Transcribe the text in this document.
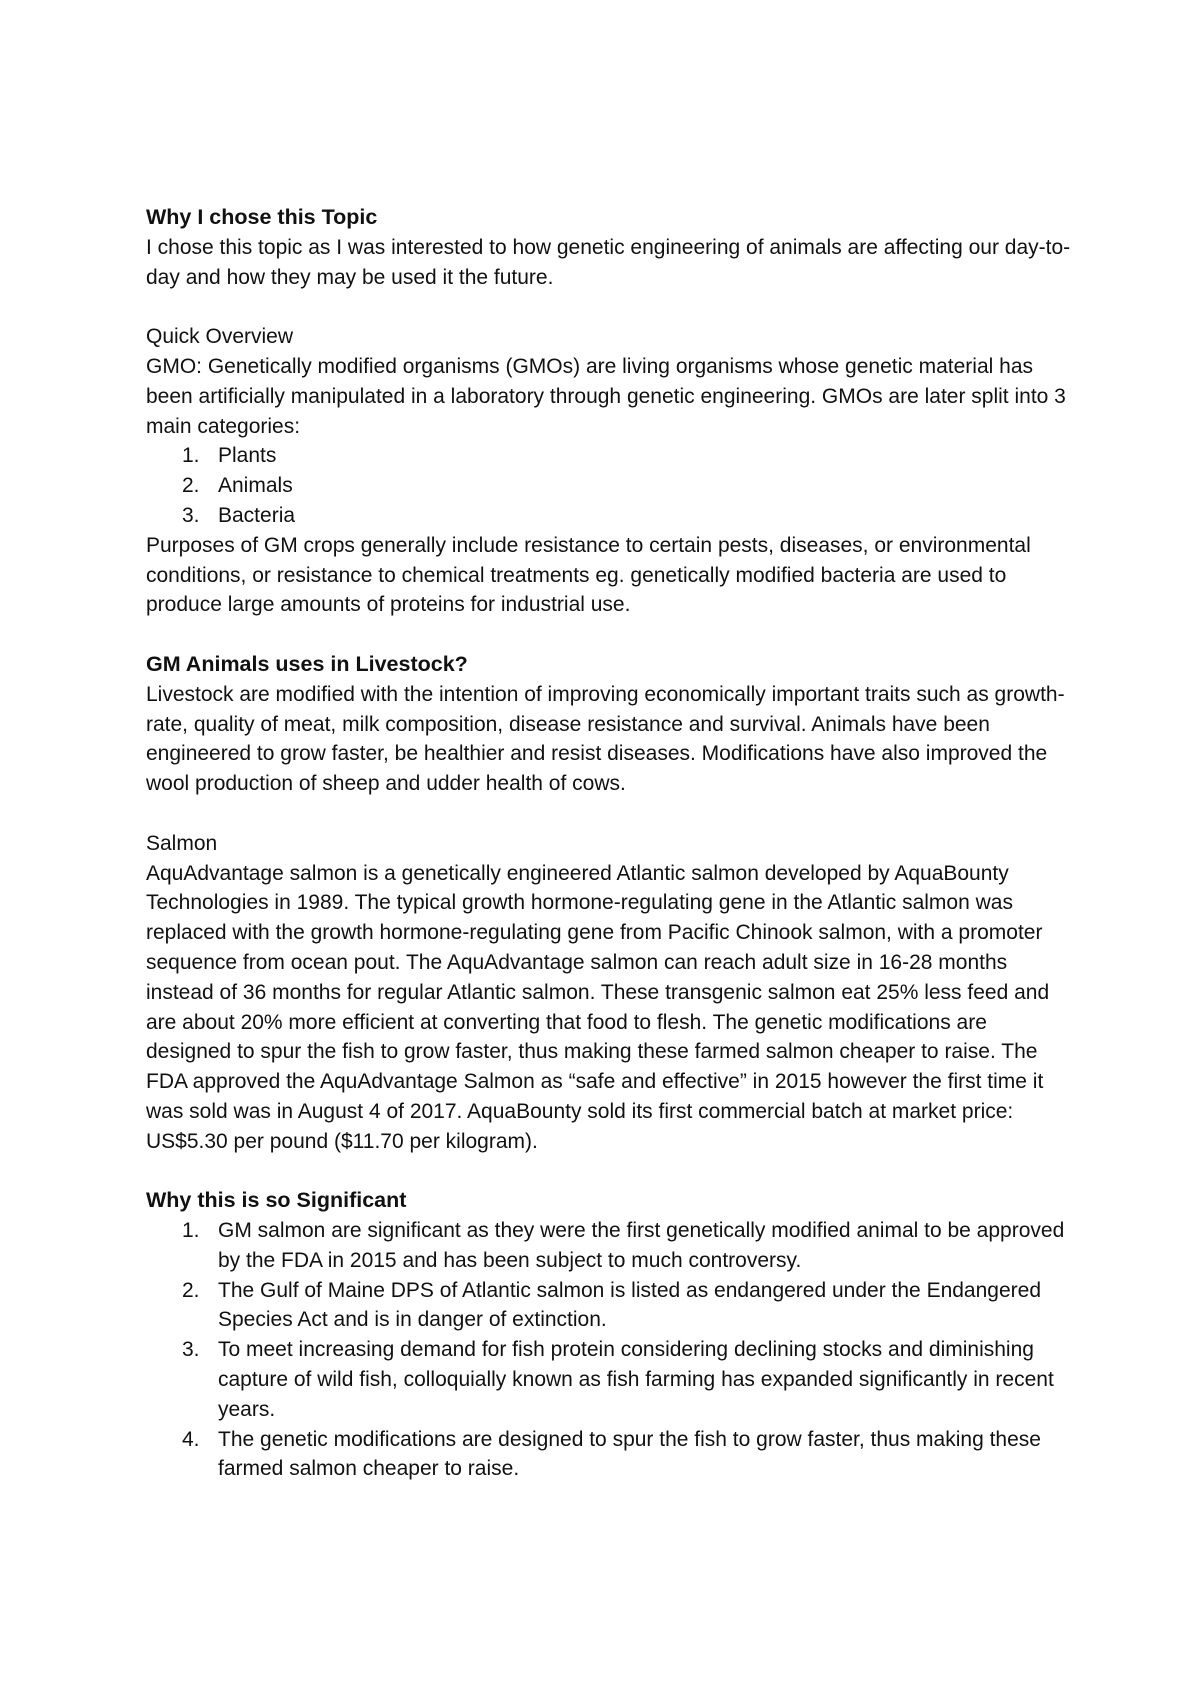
Why I chose this Topic

I chose this topic as I was interested to how genetic engineering of animals are affecting our day-to-day and how they may be used it the future.

Quick Overview

GMO: Genetically modified organisms (GMOs) are living organisms whose genetic material has been artificially manipulated in a laboratory through genetic engineering. GMOs are later split into 3 main categories:

1. Plants
2. Animals
3. Bacteria

Purposes of GM crops generally include resistance to certain pests, diseases, or environmental conditions, or resistance to chemical treatments eg. genetically modified bacteria are used to produce large amounts of proteins for industrial use.

GM Animals uses in Livestock?

Livestock are modified with the intention of improving economically important traits such as growth-rate, quality of meat, milk composition, disease resistance and survival. Animals have been engineered to grow faster, be healthier and resist diseases. Modifications have also improved the wool production of sheep and udder health of cows.

Salmon

AquAdvantage salmon is a genetically engineered Atlantic salmon developed by AquaBounty Technologies in 1989. The typical growth hormone-regulating gene in the Atlantic salmon was replaced with the growth hormone-regulating gene from Pacific Chinook salmon, with a promoter sequence from ocean pout. The AquAdvantage salmon can reach adult size in 16-28 months instead of 36 months for regular Atlantic salmon. These transgenic salmon eat 25% less feed and are about 20% more efficient at converting that food to flesh. The genetic modifications are designed to spur the fish to grow faster, thus making these farmed salmon cheaper to raise. The FDA approved the AquAdvantage Salmon as “safe and effective” in 2015 however the first time it was sold was in August 4 of 2017. AquaBounty sold its first commercial batch at market price: US$5.30 per pound ($11.70 per kilogram).

Why this is so Significant

1. GM salmon are significant as they were the first genetically modified animal to be approved by the FDA in 2015 and has been subject to much controversy.
2. The Gulf of Maine DPS of Atlantic salmon is listed as endangered under the Endangered Species Act and is in danger of extinction.
3. To meet increasing demand for fish protein considering declining stocks and diminishing capture of wild fish, colloquially known as fish farming has expanded significantly in recent years.
4. The genetic modifications are designed to spur the fish to grow faster, thus making these farmed salmon cheaper to raise.
